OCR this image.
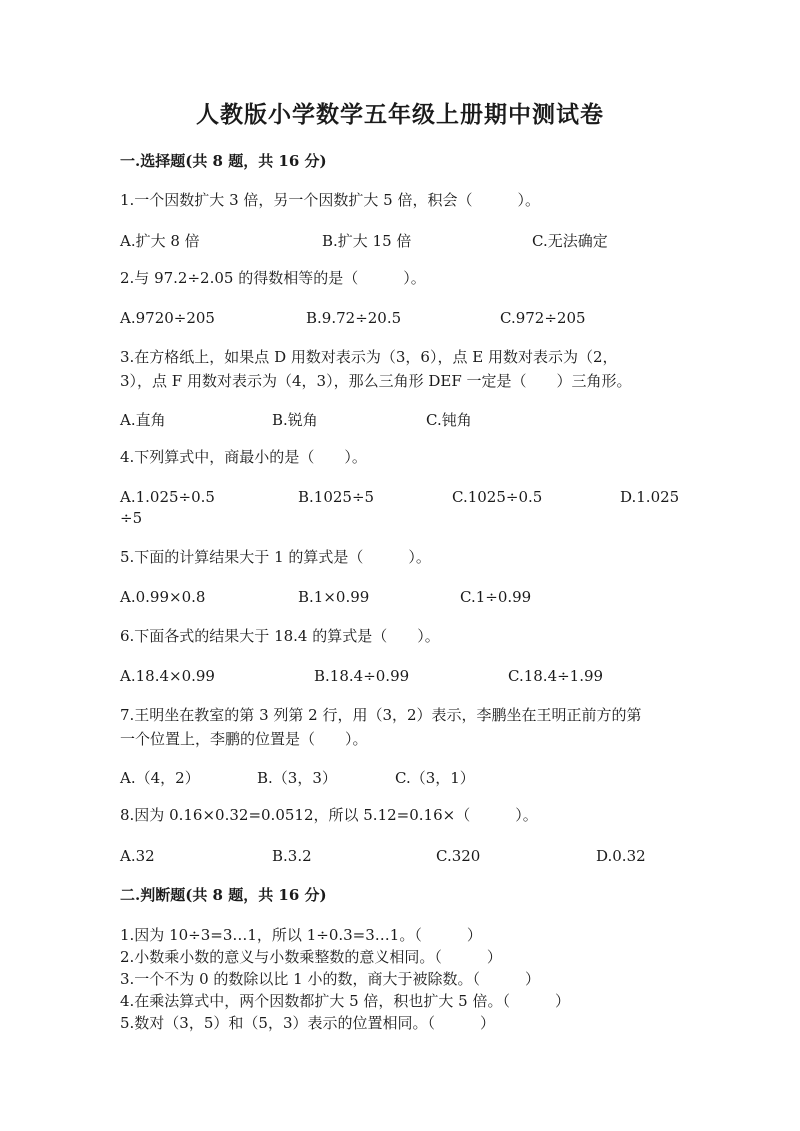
人教版小学数学五年级上册期中测试卷
一.选择题(共 8 题，共 16 分)
1.一个因数扩大 3 倍，另一个因数扩大 5 倍，积会（　　　）。
A.扩大 8 倍	B.扩大 15 倍	C.无法确定
2.与 97.2÷2.05 的得数相等的是（　　　）。
A.9720÷205	B.9.72÷20.5	C.972÷205
3.在方格纸上，如果点 D 用数对表示为（3，6），点 E 用数对表示为（2，
3），点 F 用数对表示为（4，3），那么三角形 DEF 一定是（　　）三角形。
A.直角	B.锐角	C.钝角
4.下列算式中，商最小的是（　　）。
A.1.025÷0.5	B.1025÷5	C.1025÷0.5	D.1.025
÷5
5.下面的计算结果大于 1 的算式是（　　　）。
A.0.99×0.8	B.1×0.99	C.1÷0.99
6.下面各式的结果大于 18.4 的算式是（　　）。
A.18.4×0.99	B.18.4÷0.99	C.18.4÷1.99
7.王明坐在教室的第 3 列第 2 行，用（3，2）表示，李鹏坐在王明正前方的第
一个位置上，李鹏的位置是（　　）。
A.（4，2）	B.（3，3）	C.（3，1）
8.因为 0.16×0.32=0.0512，所以 5.12=0.16×（　　　）。
A.32	B.3.2	C.320	D.0.32
二.判断题(共 8 题，共 16 分)
1.因为 10÷3=3…1，所以 1÷0.3=3…1。（　　　）
2.小数乘小数的意义与小数乘整数的意义相同。（　　　）
3.一个不为 0 的数除以比 1 小的数，商大于被除数。（　　　）
4.在乘法算式中，两个因数都扩大 5 倍，积也扩大 5 倍。（　　　）
5.数对（3，5）和（5，3）表示的位置相同。（　　　）
